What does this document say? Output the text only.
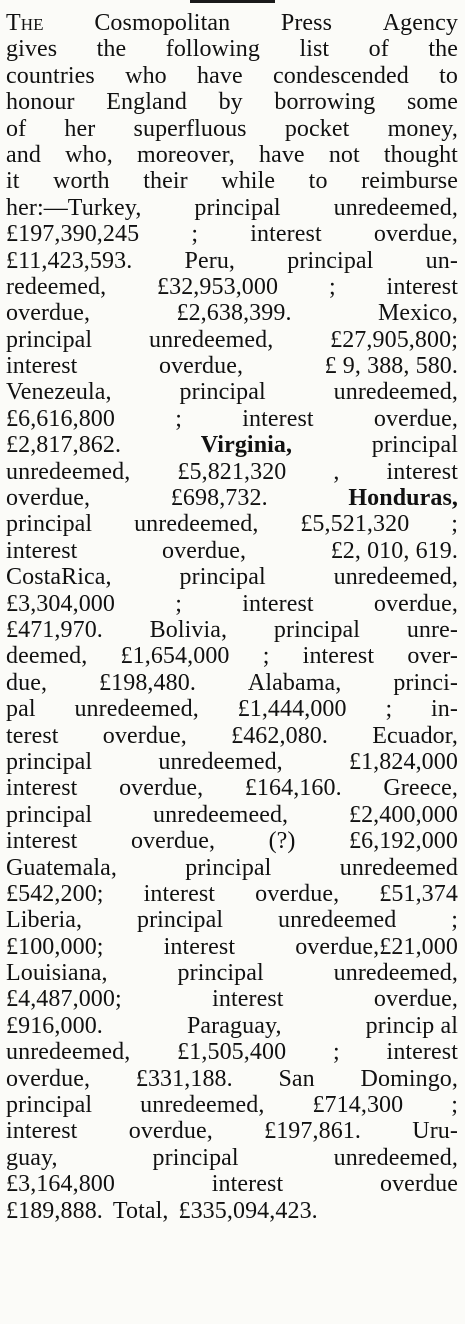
The Cosmopolitan Press Agency
gives the following list of the
countries who have condescended to
honour England by borrowing some
of her superfluous pocket money,
and who, moreover, have not thought
it worth their while to reimburse
her:—Turkey, principal unredeemed,
£197,390,245 ; interest overdue,
£11,423,593. Peru, principal un-
redeemed, £32,953,000 ; interest
overdue,	£2,638,399.	Mexico,
principal unredeemed, £27,905,800;
interest	overdue,	£ 9, 388, 580.
Venezeula,	principal	unredeemed,
£6,616,800	;	interest	overdue,
£2,817,862.	Virginia,	principal
unredeemed, £5,821,320 , interest
overdue,	£698,732.	Honduras,
principal unredeemed, £5,521,320 ;
interest	overdue,	£2, 010, 619.
CostaRica,	principal	unredeemed,
£3,304,000	;	interest	overdue,
£471,970. Bolivia, principal unre-
deemed, £1,654,000 ; interest over-
due, £198,480. Alabama, princi-
pal unredeemed, £1,444,000 ; in-
terest overdue, £462,080. Ecuador,
principal	unredeemed,	£1,824,000
interest overdue, £164,160. Greece,
principal	unredeemeed,	£2,400,000
interest overdue, (?) £6,192,000
Guatemala,	principal	unredeemed
£542,200; interest overdue, £51,374
Liberia, principal unredeemed ;
£100,000;	interest	overdue,£21,000
Louisiana,	principal	unredeemed,
£4,487,000;	interest	overdue,
£916,000.	Paraguay,	princip al
unredeemed, £1,505,400 ; interest
overdue, £331,188. San Domingo,
principal unredeemed, £714,300 ;
interest overdue, £197,861. Uru-
guay,	principal	unredeemed,
£3,164,800	interest	overdue
£189,888. Total, £335,094,423.
